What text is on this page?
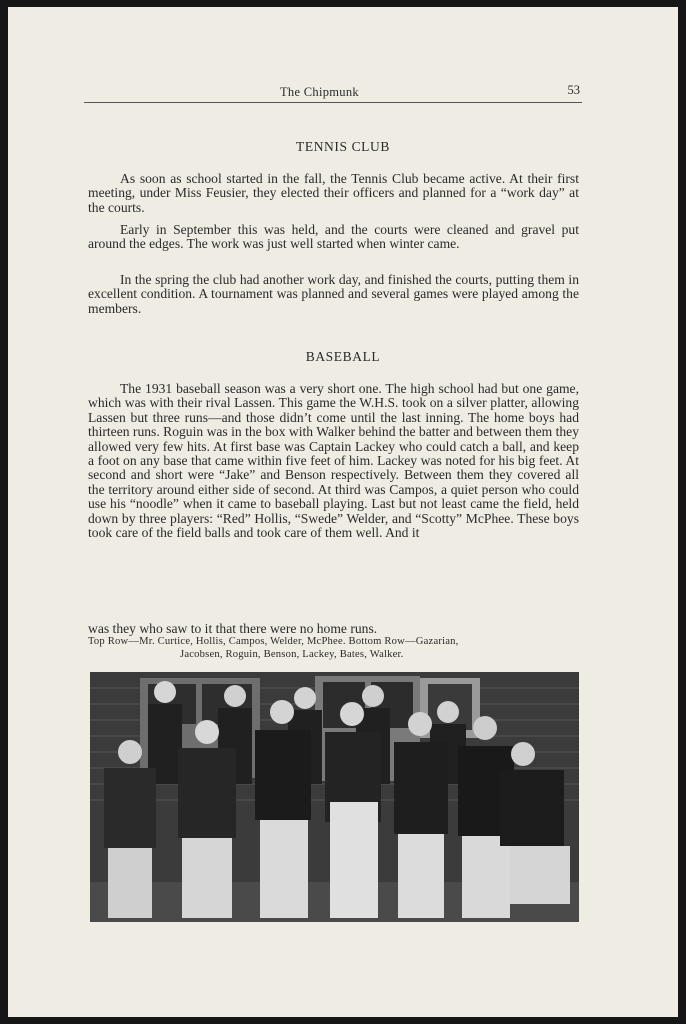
The Chipmunk	53
TENNIS CLUB

As soon as school started in the fall, the Tennis Club became active. At their first meeting, under Miss Feusier, they elected their officers and planned for a “work day” at the courts.

Early in September this was held, and the courts were cleaned and gravel put around the edges. The work was just well started when winter came.

In the spring the club had another work day, and finished the courts, putting them in excellent condition. A tournament was planned and several games were played among the members.

BASEBALL

The 1931 baseball season was a very short one. The high school had but one game, which was with their rival Lassen. This game the W.H.S. took on a silver platter, allowing Lassen but three runs—and those didn’t come until the last inning. The home boys had thirteen runs. Roguin was in the box with Walker behind the batter and between them they allowed very few hits. At first base was Captain Lackey who could catch a ball, and keep a foot on any base that came within five feet of him. Lackey was noted for his big feet. At second and short were “Jake” and Benson respectively. Between them they covered all the territory around either side of second. At third was Campos, a quiet person who could use his “noodle” when it came to baseball playing. Last but not least came the field, held down by three players: “Red” Hollis, “Swede” Welder, and “Scotty” McPhee. These boys took care of the field balls and took care of them well. And it

was they who saw to it that there were no home runs.
Top Row—Mr. Curtice, Hollis, Campos, Welder, McPhee. Bottom Row—Gazarian,
Jacobsen, Roguin, Benson, Lackey, Bates, Walker.
